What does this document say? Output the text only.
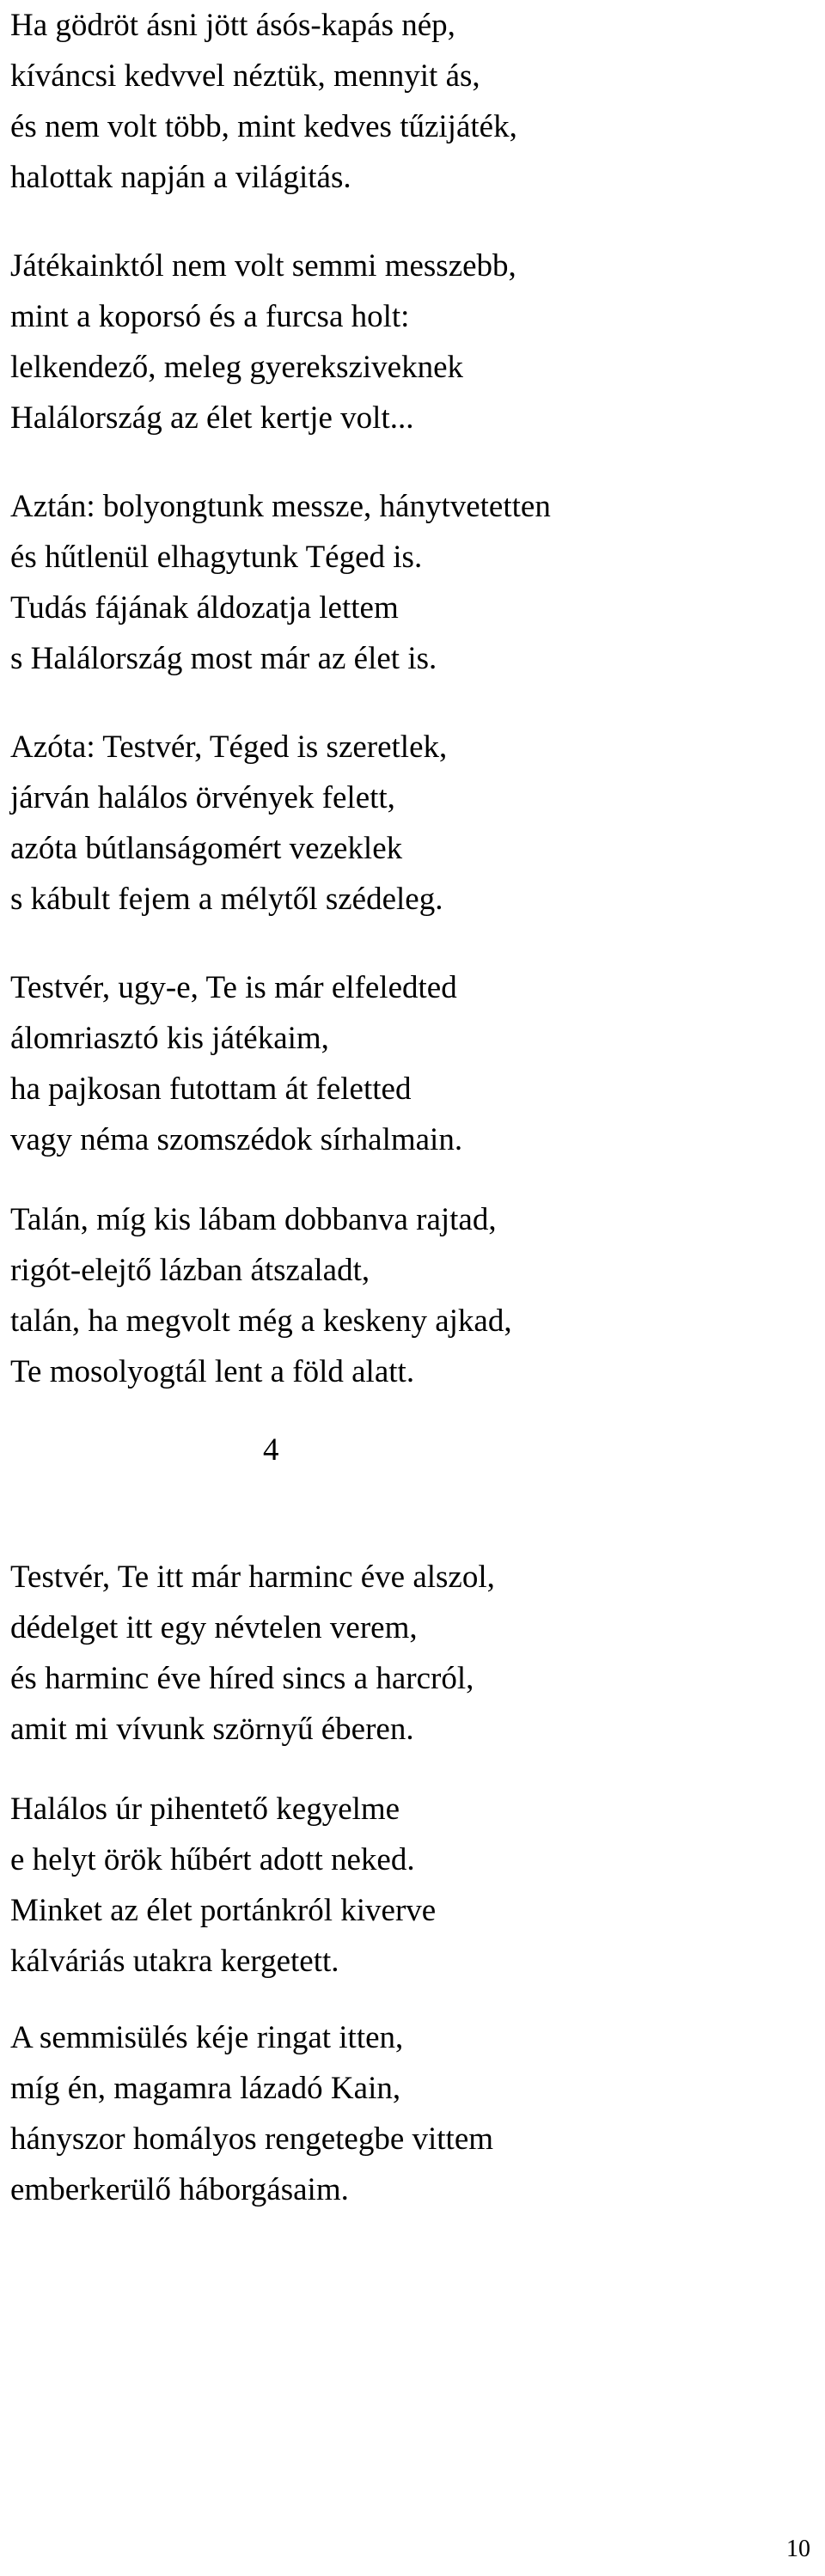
Ha gödröt ásni jött ásós-kapás nép,
kíváncsi kedvvel néztük, mennyit ás,
és nem volt több, mint kedves tűzijáték,
halottak napján a világitás.
Játékainktól nem volt semmi messzebb,
mint a koporsó és a furcsa holt:
lelkendező, meleg gyereksziveknek
Halálország az élet kertje volt...
Aztán: bolyongtunk messze, hánytvetetten
és hűtlenül elhagytunk Téged is.
Tudás fájának áldozatja lettem
s Halálország most már az élet is.
Azóta: Testvér, Téged is szeretlek,
járván halálos örvények felett,
azóta bútlanságomért vezeklek
s kábult fejem a mélytől szédeleg.
Testvér, ugy-e, Te is már elfeledted
álomriasztó kis játékaim,
ha pajkosan futottam át feletted
vagy néma szomszédok sírhalmain.
Talán, míg kis lábam dobbanva rajtad,
rigót-elejtő lázban átszaladt,
talán, ha megvolt még a keskeny ajkad,
Te mosolyogtál lent a föld alatt.
4
Testvér, Te itt már harminc éve alszol,
dédelget itt egy névtelen verem,
és harminc éve híred sincs a harcról,
amit mi vívunk szörnyű éberen.
Halálos úr pihentető kegyelme
e helyt örök hűbért adott neked.
Minket az élet portánkról kiverve
kálváriás utakra kergetett.
A semmisülés kéje ringat itten,
míg én, magamra lázadó Kain,
hányszor homályos rengetegbe vittem
emberkerülő háborgásaim.
10
